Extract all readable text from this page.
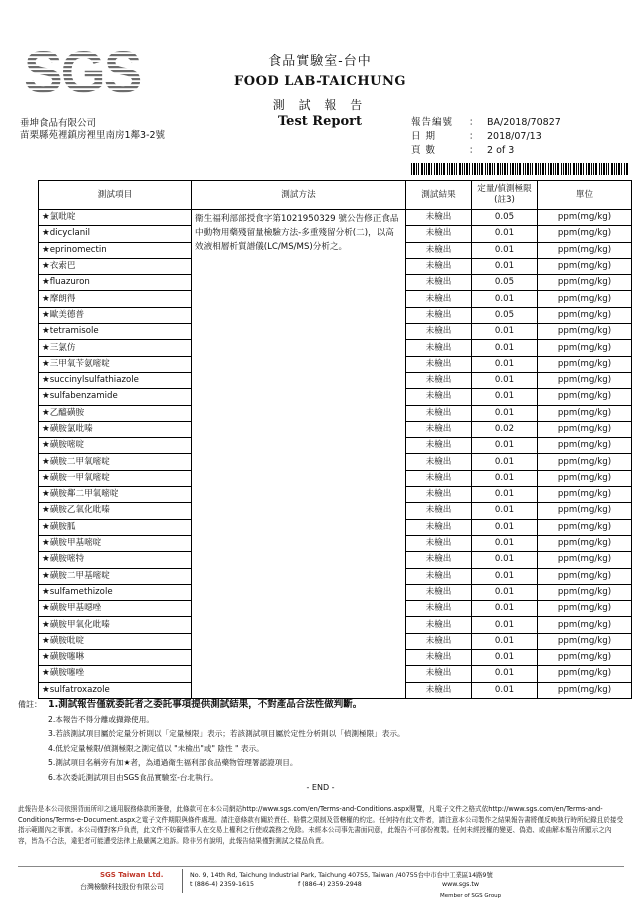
SGS	食品實驗室-台中
FOOD LAB-TAICHUNG
測 試 報 告
Test Report
垂坤食品有限公司
苗栗縣苑裡鎮房裡里南房1鄰3-2號
報告編號 ： BA/2018/70827
日 期	： 2018/07/13
頁 數	： 2 of 3
測試項目	測試方法	測試結果	定量/偵測極限(註3)	單位
★氯吡啶	衛生福利部部授食字第1021950329 號公告修正食品中動物用藥殘留量檢驗方法-多重殘留分析(二)，以高效液相層析質譜儀(LC/MS/MS)分析之。	未檢出	0.05	ppm(mg/kg)
★dicyclanil		未檢出	0.01	ppm(mg/kg)
★eprinomectin		未檢出	0.01	ppm(mg/kg)
★衣索巴		未檢出	0.01	ppm(mg/kg)
★fluazuron		未檢出	0.05	ppm(mg/kg)
★摩朗得		未檢出	0.01	ppm(mg/kg)
★歐美德普		未檢出	0.05	ppm(mg/kg)
★tetramisole		未檢出	0.01	ppm(mg/kg)
★三氯仿		未檢出	0.01	ppm(mg/kg)
★三甲氧苄氨嘧啶		未檢出	0.01	ppm(mg/kg)
★succinylsulfathiazole		未檢出	0.01	ppm(mg/kg)
★sulfabenzamide		未檢出	0.01	ppm(mg/kg)
★乙醯磺胺		未檢出	0.01	ppm(mg/kg)
★磺胺氯吡嗪		未檢出	0.02	ppm(mg/kg)
★磺胺嘧啶		未檢出	0.01	ppm(mg/kg)
★磺胺二甲氧嘧啶		未檢出	0.01	ppm(mg/kg)
★磺胺一甲氧嘧啶		未檢出	0.01	ppm(mg/kg)
★磺胺鄰二甲氧嘧啶		未檢出	0.01	ppm(mg/kg)
★磺胺乙氧化吡嗪		未檢出	0.01	ppm(mg/kg)
★磺胺胍		未檢出	0.01	ppm(mg/kg)
★磺胺甲基嘧啶		未檢出	0.01	ppm(mg/kg)
★磺胺嘧特		未檢出	0.01	ppm(mg/kg)
★磺胺二甲基嘧啶		未檢出	0.01	ppm(mg/kg)
★sulfamethizole		未檢出	0.01	ppm(mg/kg)
★磺胺甲基噁唑		未檢出	0.01	ppm(mg/kg)
★磺胺甲氧化吡嗪		未檢出	0.01	ppm(mg/kg)
★磺胺吡啶		未檢出	0.01	ppm(mg/kg)
★磺胺噻啉		未檢出	0.01	ppm(mg/kg)
★磺胺噻唑		未檢出	0.01	ppm(mg/kg)
★sulfatroxazole		未檢出	0.01	ppm(mg/kg)
備註： 1.測試報告僅就委託者之委託事項提供測試結果，不對產品合法性做判斷。
2.本報告不得分離或擷錄使用。
3.若該測試項目屬於定量分析則以「定量極限」表示；若該測試項目屬於定性分析則以「偵測極限」表示。
4.低於定量極限/偵測極限之測定值以 "未檢出"或" 陰性 " 表示。
5.測試項目名稱旁有加★者，為通過衛生福利部食品藥物管理署認證項目。
6.本次委託測試項目由SGS食品實驗室-台北執行。
- END -
此報告是本公司依照背面所印之通用服務條款所簽發，此條款可在本公司網站http://www.sgs.com/en/Terms-and-Conditions.aspx閱覽，凡電子文件之格式依http://www.sgs.com/en/Terms-and-Conditions/Terms-e-Document.aspx之電子文件期限與條件處理。請注意條款有關於責任、賠償之限制及管轄權的約定。任何持有此文件者，請注意本公司製作之結果報告書將僅反映執行時所紀錄且於接受指示範圍內之事實。本公司僅對客戶負責，此文件不妨礙當事人在交易上權利之行使或義務之免除。未經本公司事先書面同意，此報告不可部份複製。任何未經授權的變更、偽造、或曲解本報告所顯示之內容，皆為不合法，違犯者可能遭受法律上最嚴厲之追訴。除非另有說明，此報告結果僅對測試之樣品負責。
SGS Taiwan Ltd.
台灣檢驗科技股份有限公司
No. 9, 14th Rd, Taichung Industrial Park, Taichung 40755, Taiwan /40755台中市台中工業區14路9號
t (886-4) 2359-1615	f (886-4) 2359-2948	www.sgs.tw
Member of SGS Group
